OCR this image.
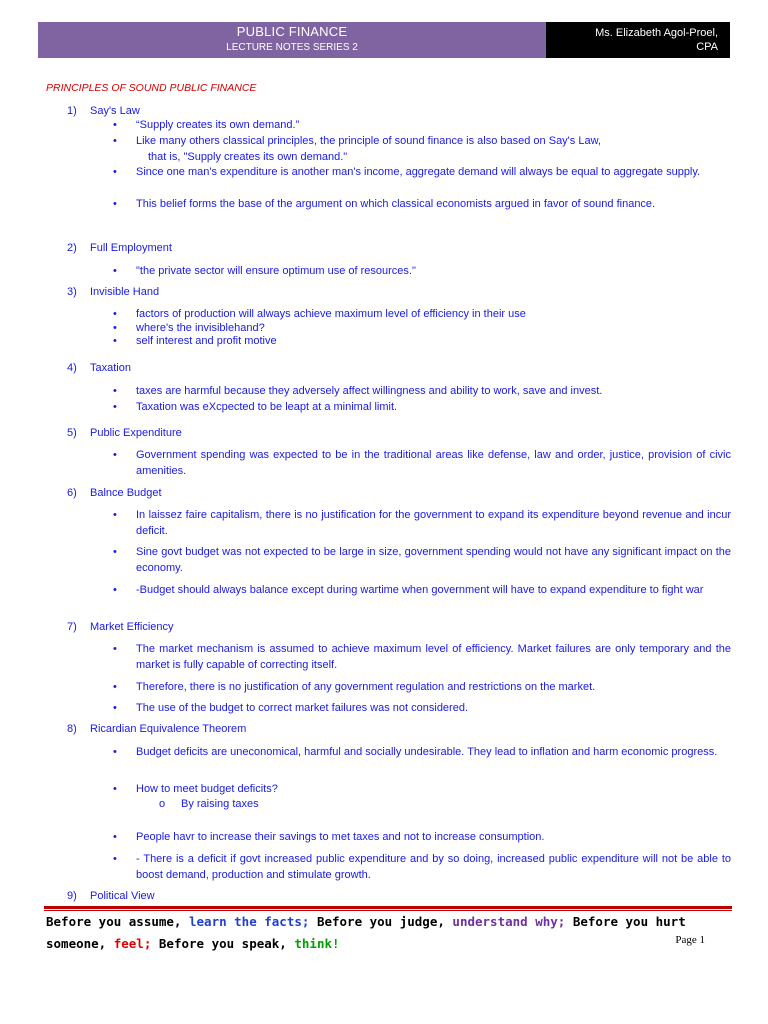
PUBLIC FINANCE
LECTURE NOTES SERIES 2
Ms. Elizabeth Agol-Proel,
CPA
PRINCIPLES OF SOUND PUBLIC FINANCE
1) Say's Law
•	“Supply creates its own demand.”
•	Like many others classical principles, the principle of sound finance is also based on Say's Law,
that is, "Supply creates its own demand."
•	Since one man's expenditure is another man's income, aggregate demand will always be equal to aggregate supply.
•	This belief forms the base of the argument on which classical economists argued in favor of sound finance.
2) Full Employment
•	"the private sector will ensure optimum use of resources."
3) Invisible Hand
•	factors of production will always achieve maximum level of efficiency in their use
•	where's the invisiblehand?
•	self interest and profit motive
4) Taxation
•	taxes are harmful because they adversely affect willingness and ability to work, save and invest.
•	Taxation was eXcpected to be leapt at a minimal limit.
5) Public Expenditure
•	Government spending was expected to be in the traditional areas like defense, law and order, justice, provision of civic amenities.
6) Balnce Budget
•	In laissez faire capitalism, there is no justification for the government to expand its expenditure beyond revenue and incur deficit.
•	Sine govt budget was not expected to be large in size, government spending would not have any significant impact on the economy.
•	-Budget should always balance except during wartime when government will have to expand expenditure to fight war
7) Market Efficiency
•	The market mechanism is assumed to achieve maximum level of efficiency. Market failures are only temporary and the market is fully capable of correcting itself.
•	Therefore, there is no justification of any government regulation and restrictions on the market.
•	The use of the budget to correct market failures was not considered.
8) Ricardian Equivalence Theorem
•	Budget deficits are uneconomical, harmful and socially undesirable. They lead to inflation and harm economic progress.
•	How to meet budget deficits?
o By raising taxes
•	People havr to increase their savings to met taxes and not to increase consumption.
•	- There is a deficit if govt increased public expenditure and by so doing, increased public expenditure will not be able to boost demand, production and stimulate growth.
9) Political View
Before you assume, learn the facts; Before you judge, understand why; Before you hurt
someone, feel; Before you speak, think!	Page 1
